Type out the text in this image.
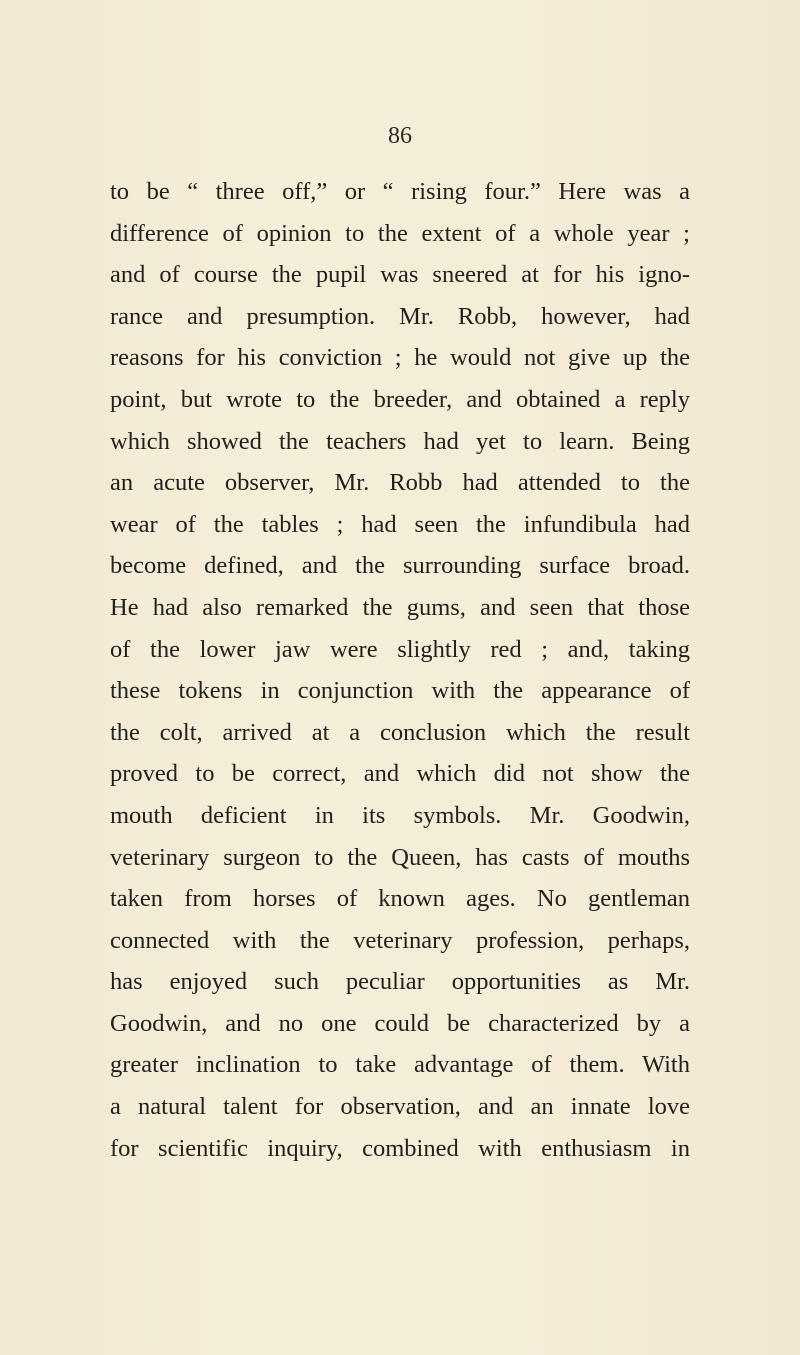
86
to be “ three off,” or “ rising four.” Here was a
difference of opinion to the extent of a whole year ;
and of course the pupil was sneered at for his igno-
rance and presumption. Mr. Robb, however, had
reasons for his conviction ; he would not give up the
point, but wrote to the breeder, and obtained a reply
which showed the teachers had yet to learn. Being
an acute observer, Mr. Robb had attended to the
wear of the tables ; had seen the infundibula had
become defined, and the surrounding surface broad.
He had also remarked the gums, and seen that those
of the lower jaw were slightly red ; and, taking
these tokens in conjunction with the appearance of
the colt, arrived at a conclusion which the result
proved to be correct, and which did not show the
mouth deficient in its symbols. Mr. Goodwin,
veterinary surgeon to the Queen, has casts of mouths
taken from horses of known ages. No gentleman
connected with the veterinary profession, perhaps,
has enjoyed such peculiar opportunities as Mr.
Goodwin, and no one could be characterized by a
greater inclination to take advantage of them. With
a natural talent for observation, and an innate love
for scientific inquiry, combined with enthusiasm in
